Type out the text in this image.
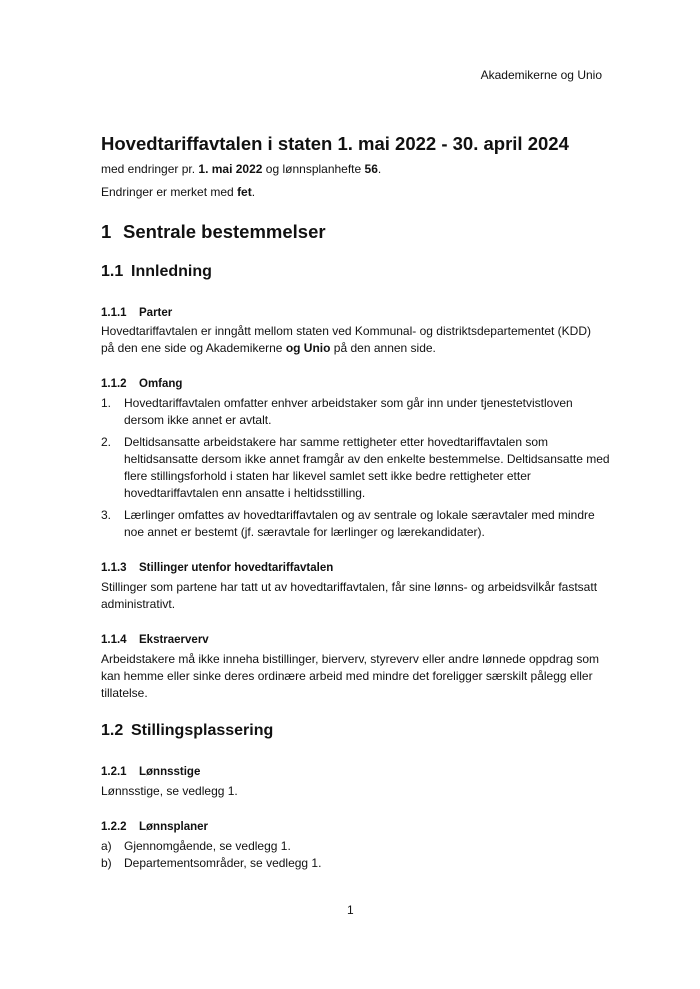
Akademikerne og Unio
Hovedtariffavtalen i staten 1. mai 2022 - 30. april 2024
med endringer pr. 1. mai 2022 og lønnsplanhefte 56.
Endringer er merket med fet.
1 Sentrale bestemmelser
1.1 Innledning
1.1.1 Parter
Hovedtariffavtalen er inngått mellom staten ved Kommunal- og distriktsdepartementet (KDD)
på den ene side og Akademikerne og Unio på den annen side.
1.1.2 Omfang
1. Hovedtariffavtalen omfatter enhver arbeidstaker som går inn under tjenestetvistloven dersom ikke annet er avtalt.
2. Deltidsansatte arbeidstakere har samme rettigheter etter hovedtariffavtalen som heltidsansatte dersom ikke annet framgår av den enkelte bestemmelse. Deltidsansatte med flere stillingsforhold i staten har likevel samlet sett ikke bedre rettigheter etter hovedtariffavtalen enn ansatte i heltidsstilling.
3. Lærlinger omfattes av hovedtariffavtalen og av sentrale og lokale særavtaler med mindre noe annet er bestemt (jf. særavtale for lærlinger og lærekandidater).
1.1.3 Stillinger utenfor hovedtariffavtalen
Stillinger som partene har tatt ut av hovedtariffavtalen, får sine lønns- og arbeidsvilkår fastsatt administrativt.
1.1.4 Ekstraerverv
Arbeidstakere må ikke inneha bistillinger, bierverv, styreverv eller andre lønnede oppdrag som kan hemme eller sinke deres ordinære arbeid med mindre det foreligger særskilt pålegg eller tillatelse.
1.2 Stillingsplassering
1.2.1 Lønnsstige
Lønnsstige, se vedlegg 1.
1.2.2 Lønnsplaner
a) Gjennomgående, se vedlegg 1.
b) Departementsområder, se vedlegg 1.
1
